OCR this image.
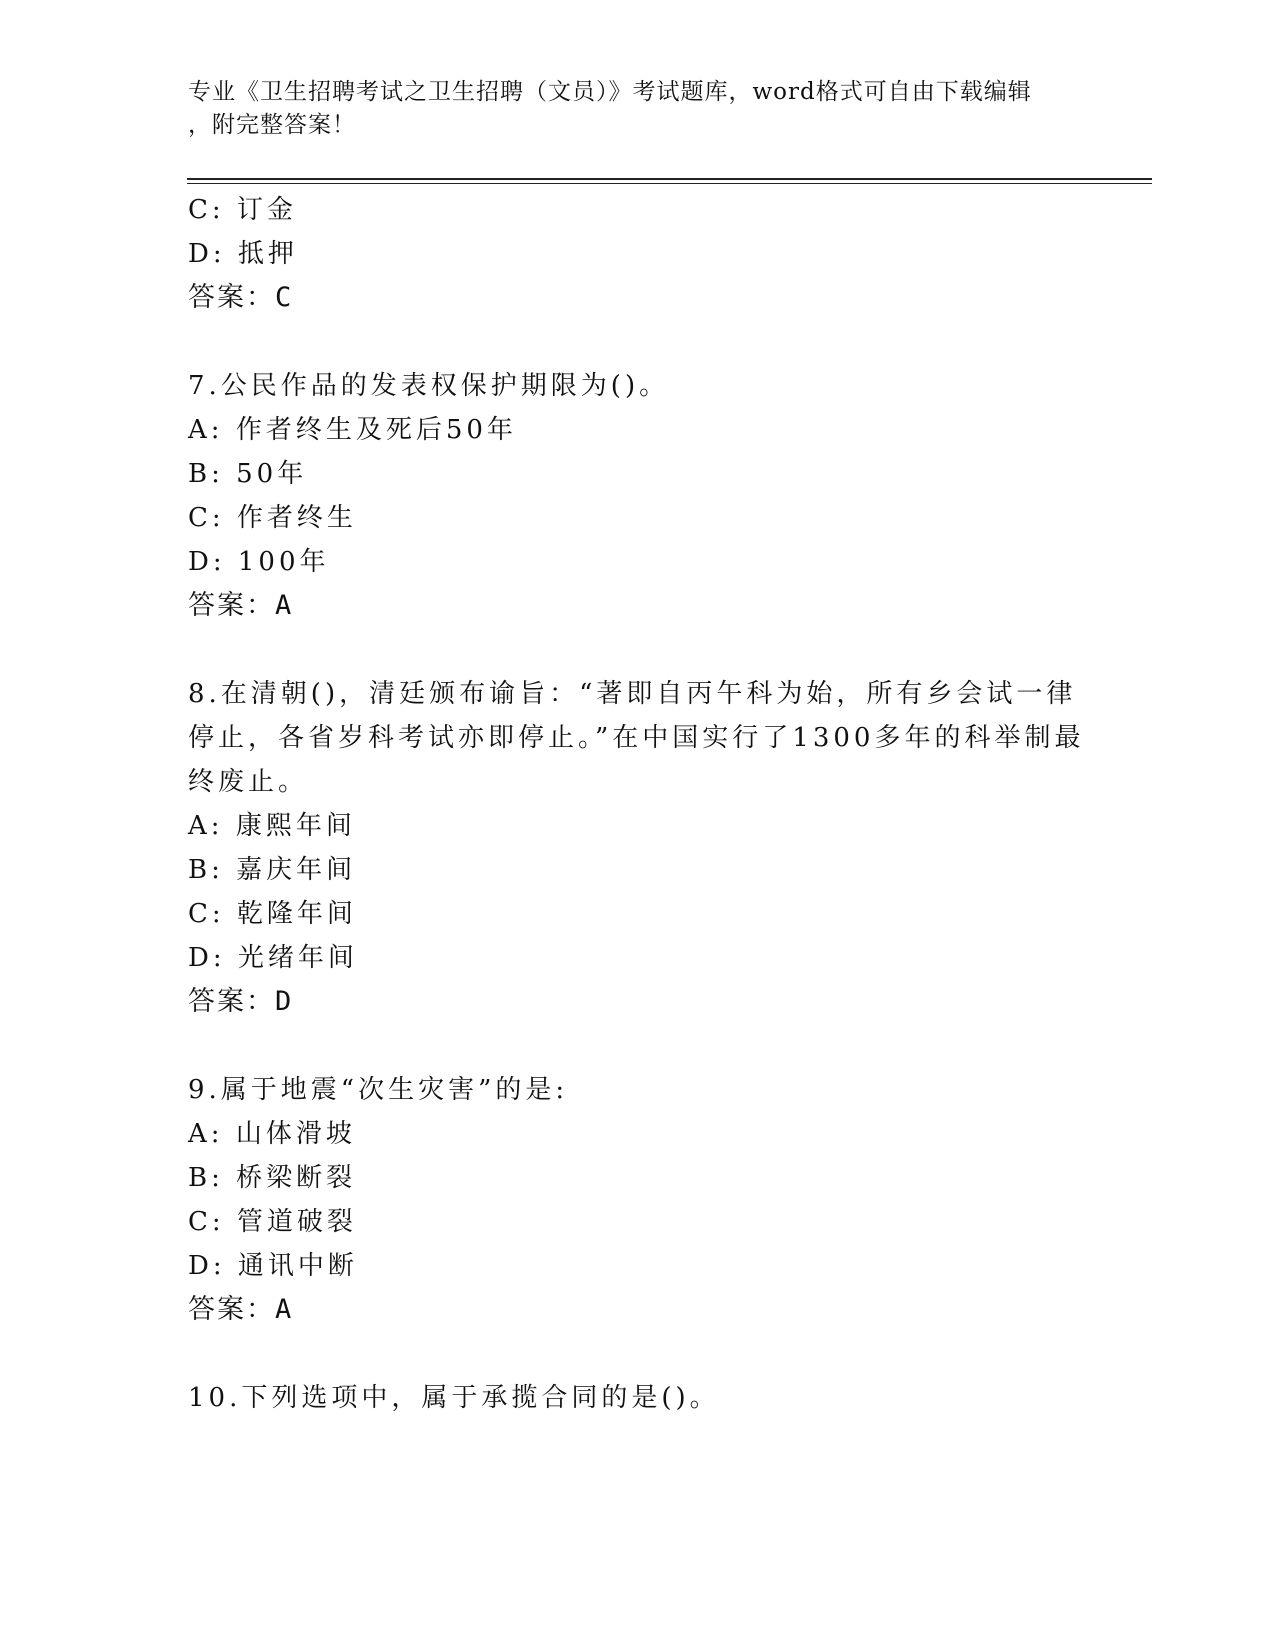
专业《卫生招聘考试之卫生招聘（文员）》考试题库，word格式可自由下载编辑
，附完整答案！
C: 订金
D: 抵押
答案：C
7.公民作品的发表权保护期限为()。
A: 作者终生及死后50年
B: 50年
C: 作者终生
D: 100年
答案：A
8.在清朝()，清廷颁布谕旨：“著即自丙午科为始，所有乡会试一律
停止，各省岁科考试亦即停止。”在中国实行了1300多年的科举制最
终废止。
A: 康熙年间
B: 嘉庆年间
C: 乾隆年间
D: 光绪年间
答案：D
9.属于地震“次生灾害”的是:
A: 山体滑坡
B: 桥梁断裂
C: 管道破裂
D: 通讯中断
答案：A
10.下列选项中，属于承揽合同的是()。
